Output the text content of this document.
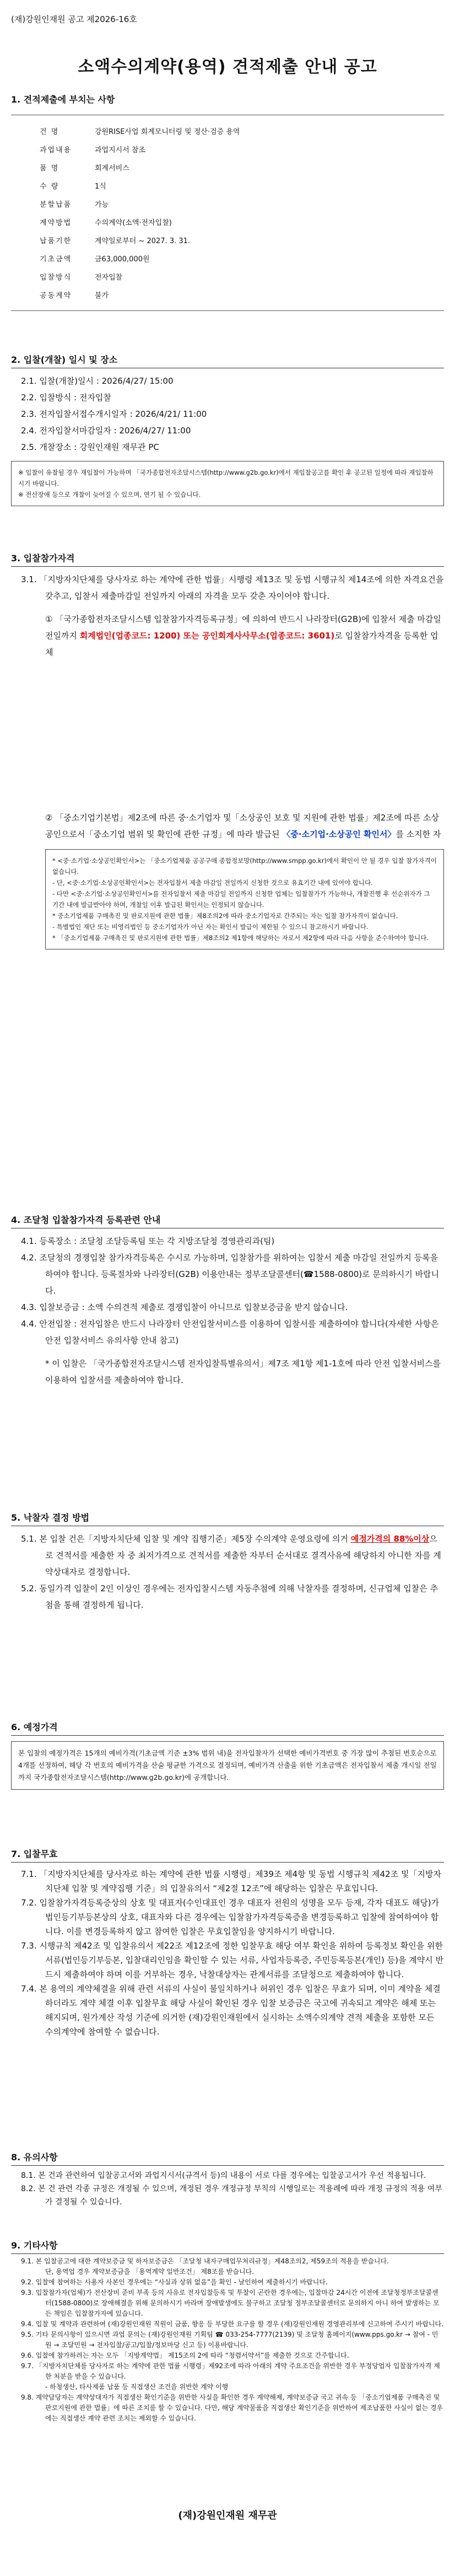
(재)강원인재원 공고 제2026-16호
소액수의계약(용역) 견적제출 안내 공고
1. 견적제출에 부치는 사항
건 명	강원RISE사업 회계모니터링 및 정산·검증 용역
과업내용	과업지시서 참조
품 명	회계서비스
수 량	1식
분할납품	가능
계약방법	수의계약(소액·전자입찰)
납품기한	계약일로부터 ~ 2027. 3. 31.
기초금액	금63,000,000원
입찰방식	전자입찰
공동계약	불가
2. 입찰(개찰) 일시 및 장소
2.1. 입찰(개찰)일시 : 2026/4/27/ 15:00
2.2. 입찰방식 : 전자입찰
2.3. 전자입찰서접수개시일자 : 2026/4/21/ 11:00
2.4. 전자입찰서마감일자 : 2026/4/27/ 11:00
2.5. 개찰장소 : 강원인재원 재무관 PC
※ 입찰이 유찰될 경우 재입찰이 가능하며 「국가종합전자조달시스템(http://www.g2b.go.kr)에서 재입찰공고를 확인 후 공고된 일정에 따라 재입찰하시기 바랍니다.
※ 전산장애 등으로 개찰이 늦어질 수 있으며, 연기 될 수 있습니다.
3. 입찰참가자격
3.1. 「지방자치단체를 당사자로 하는 계약에 관한 법률」시행령 제13조 및 동법 시행규칙 제14조에 의한 자격요건을 갖추고, 입찰서 제출마감일 전일까지 아래의 자격을 모두 갖춘 자이어야 합니다.
① 「국가종합전자조달시스템 입찰참가자격등록규정」에 의하여 반드시 나라장터(G2B)에 입찰서 제출 마감일 전일까지 회계법인(업종코드: 1200) 또는 공인회계사사무소(업종코드: 3601)로 입찰참가자격을 등록한 업체
② 「중소기업기본법」제2조에 따른 중·소기업자 및「소상공인 보호 및 지원에 관한 법률」제2조에 따른 소상공인으로서「중소기업 범위 및 확인에 관한 규정」에 따라 발급된 〈중·소기업·소상공인 확인서〉를 소지한 자
* <중·소기업·소상공인확인서>는 「중소기업제품 공공구매 종합정보망(http://www.smpp.go.kr)에서 확인이 안 될 경우 입찰 참가자격이 없습니다.
- 단, <중·소기업·소상공인확인서>는 전자입찰서 제출 마감일 전일까지 신청한 것으로 유효기간 내에 있어야 합니다.
- 다만 <중·소기업·소상공인확인서>를 전자입찰서 제출 마감일 전일까지 신청한 업체는 입찰참가가 가능하나, 개찰진행 후 선순위자가 그 기간 내에 발급받아야 하며, 개찰일 이후 발급된 확인서는 인정되지 않습니다.
* 중소기업제품 구매촉진 및 판로지원에 관한 법률」제8조의2에 따라 중소기업자로 간주되는 자는 입찰 참가자격이 없습니다.
- 특별법인 재단 또는 비영리법인 등 중소기업자가 아닌 자는 확인서 발급이 제한될 수 있으니 참고하시기 바랍니다.
* 「중소기업제품 구매촉진 및 판로지원에 관한 법률」제8조의2 제1항에 해당하는 자로서 제2항에 따라 다음 사항을 준수하여야 합니다.
4. 조달청 입찰참가자격 등록관련 안내
4.1. 등록장소 : 조달청 조달등록팀 또는 각 지방조달청 경영관리과(팀)
4.2. 조달청의 경쟁입찰 참가자격등록은 수시로 가능하며, 입찰참가를 위하여는 입찰서 제출 마감일 전일까지 등록을 하여야 합니다. 등록절차와 나라장터(G2B) 이용안내는 정부조달콜센터(☎1588-0800)로 문의하시기 바랍니다.
4.3. 입찰보증금 : 소액 수의견적 제출로 경쟁입찰이 아니므로 입찰보증금을 받지 않습니다.
4.4. 안전입찰 : 전자입찰은 반드시 나라장터 안전입찰서비스를 이용하여 입찰서를 제출하여야 합니다(자세한 사항은 안전 입찰서비스 유의사항 안내 참고)
* 이 입찰은 「국가종합전자조달시스템 전자입찰특별유의서」제7조 제1항 제1-1호에 따라 안전 입찰서비스를 이용하여 입찰서를 제출하여야 합니다.
5. 낙찰자 결정 방법
5.1. 본 입찰 건은「지방자치단체 입찰 및 계약 집행기준」제5장 수의계약 운영요령에 의거 예정가격의 88%이상으로 견적서를 제출한 자 중 최저가격으로 견적서를 제출한 자부터 순서대로 결격사유에 해당하지 아니한 자를 계약상대자로 결정합니다.
5.2. 동일가격 입찰이 2인 이상인 경우에는 전자입찰시스템 자동추첨에 의해 낙찰자를 결정하며, 신규업체 입찰은 추첨을 통해 결정하게 됩니다.
6. 예정가격
본 입찰의 예정가격은 15개의 예비가격(기초금액 기준 ±3% 범위 내)을 전자입찰자가 선택한 예비가격번호 중 가장 많이 추첨된 번호순으로 4개를 선정하여, 해당 각 번호의 예비가격을 산술 평균한 가격으로 결정되며, 예비가격 산출을 위한 기초금액은 전자입찰서 제출 개시일 전일까지 국가종합전자조달시스템(http://www.g2b.go.kr)에 공개합니다.
7. 입찰무효
7.1. 「지방자치단체를 당사자로 하는 계약에 관한 법률 시행령」제39조 제4항 및 동법 시행규칙 제42조 및「지방자치단체 입찰 및 계약집행 기준」의 입찰유의서 “제2절 12조”에 해당하는 입찰은 무효입니다.
7.2. 입찰참가자격등록증상의 상호 및 대표자(수인대표인 경우 대표자 전원의 성명을 모두 등재, 각자 대표도 해당)가 법인등기부등본상의 상호, 대표자와 다른 경우에는 입찰참가자격등록증을 변경등록하고 입찰에 참여하여야 합니다. 이를 변경등록하지 않고 참여한 입찰은 무효입찰임을 양지하시기 바랍니다.
7.3. 시행규칙 제42조 및 입찰유의서 제22조 제12조에 정한 입찰무효 해당 여부 확인을 위하여 등록정보 확인을 위한 서류(법인등기부등본, 입찰대리인임을 확인할 수 있는 서류, 사업자등록증, 주민등록등본(개인) 등)을 계약시 반드시 제출하여야 하며 이를 거부하는 경우, 낙찰대상자는 관계서류를 조달청으로 제출하여야 합니다.
7.4. 본 용역의 계약체결을 위해 관련 서류의 사실이 불일치하거나 허위인 경우 입찰은 무효가 되며, 이미 계약을 체결하더라도 계약 체결 이후 입찰무효 해당 사실이 확인된 경우 입찰 보증금은 국고에 귀속되고 계약은 해제 또는 해지되며, 원가계산 작성 기준에 의거한 (재)강원인재원에서 실시하는 소액수의계약 견적 제출을 포함한 모든 수의계약에 참여할 수 없습니다.
8. 유의사항
8.1. 본 건과 관련하여 입찰공고서와 과업지시서(규격서 등)의 내용이 서로 다를 경우에는 입찰공고서가 우선 적용됩니다.
8.2. 본 건 관련 각종 규정은 개정될 수 있으며, 개정된 경우 개정규정 부칙의 시행일로는 적용례에 따라 개정 규정의 적용 여부가 결정될 수 있습니다.
9. 기타사항
9.1. 본 입찰공고에 대한 계약보증금 및 하자보증금은 「조달청 내자구매업무처리규정」제48조의2, 제59조의 적용을 받습니다.
단, 용역업 경우 계약보증금을 「용역계약 일반조건」 제8조를 받습니다.
9.2. 입찰에 참여하는 사용자 사본인 경우에는 “사실과 상위 없음”을 확인 - 날인하여 제출하시기 바랍니다.
9.3. 입찰참가자(업체)가 전산장비 준비 부족 등의 사유로 전자입찰등록 및 투찰이 곤란한 경우에는, 입찰마감 24시간 이전에 조달청정부조달콜센터(1588-0800)로 장애해결을 위해 문의하시기 바라며 장애발생에도 불구하고 조달청 정부조달콜센터로 문의하지 아니 하여 발생하는 모든 책임은 입찰참가자에 있습니다.
9.4. 입찰 및 계약과 관련하여 (재)강원인재원 직원이 금품, 향응 등 부당한 요구를 할 경우 (재)강원인재원 경영관리부에 신고하여 주시기 바랍니다.
9.5. 기타 문의사항이 있으시면 과업 문의는 (재)강원인재원 기획팀 ☎ 033-254-7777(2139) 및 조달청 홈페이지(www.pps.go.kr → 참여 - 민원 → 조달민원 → 전자입찰/공고/입찰/정보마당 신고 등) 이용바랍니다.
9.6. 입찰에 참가하려는 자는 모두 「지방계약법」 제15조의 2에 따라 “청렴서약서”를 제출한 것으로 간주합니다.
9.7. 「지방자치단체를 당사자로 하는 계약에 관한 법률 시행령」제92조에 따라 아래의 계약 주요조건을 위반한 경우 부정당업자 입찰참가자격 제한 처분을 받을 수 있습니다.
- 하청생산, 타사제품 납품 등 직접생산 조건을 위반한 계약 이행
9.8. 계약담당자는 계약상대자가 직접생산 확인기준을 위반한 사실을 확인한 경우 계약해제, 계약보증금 국고 귀속 등 「중소기업제품 구매촉진 및 판로지원에 관한 법률」에 따른 조치를 할 수 있습니다. 다만, 해당 계약물품을 직접생산 확인기준을 위반하여 제조납품한 사실이 없는 경우에는 직접생산 계약 관련 조치는 제외할 수 있습니다.
(재)강원인재원 재무관
